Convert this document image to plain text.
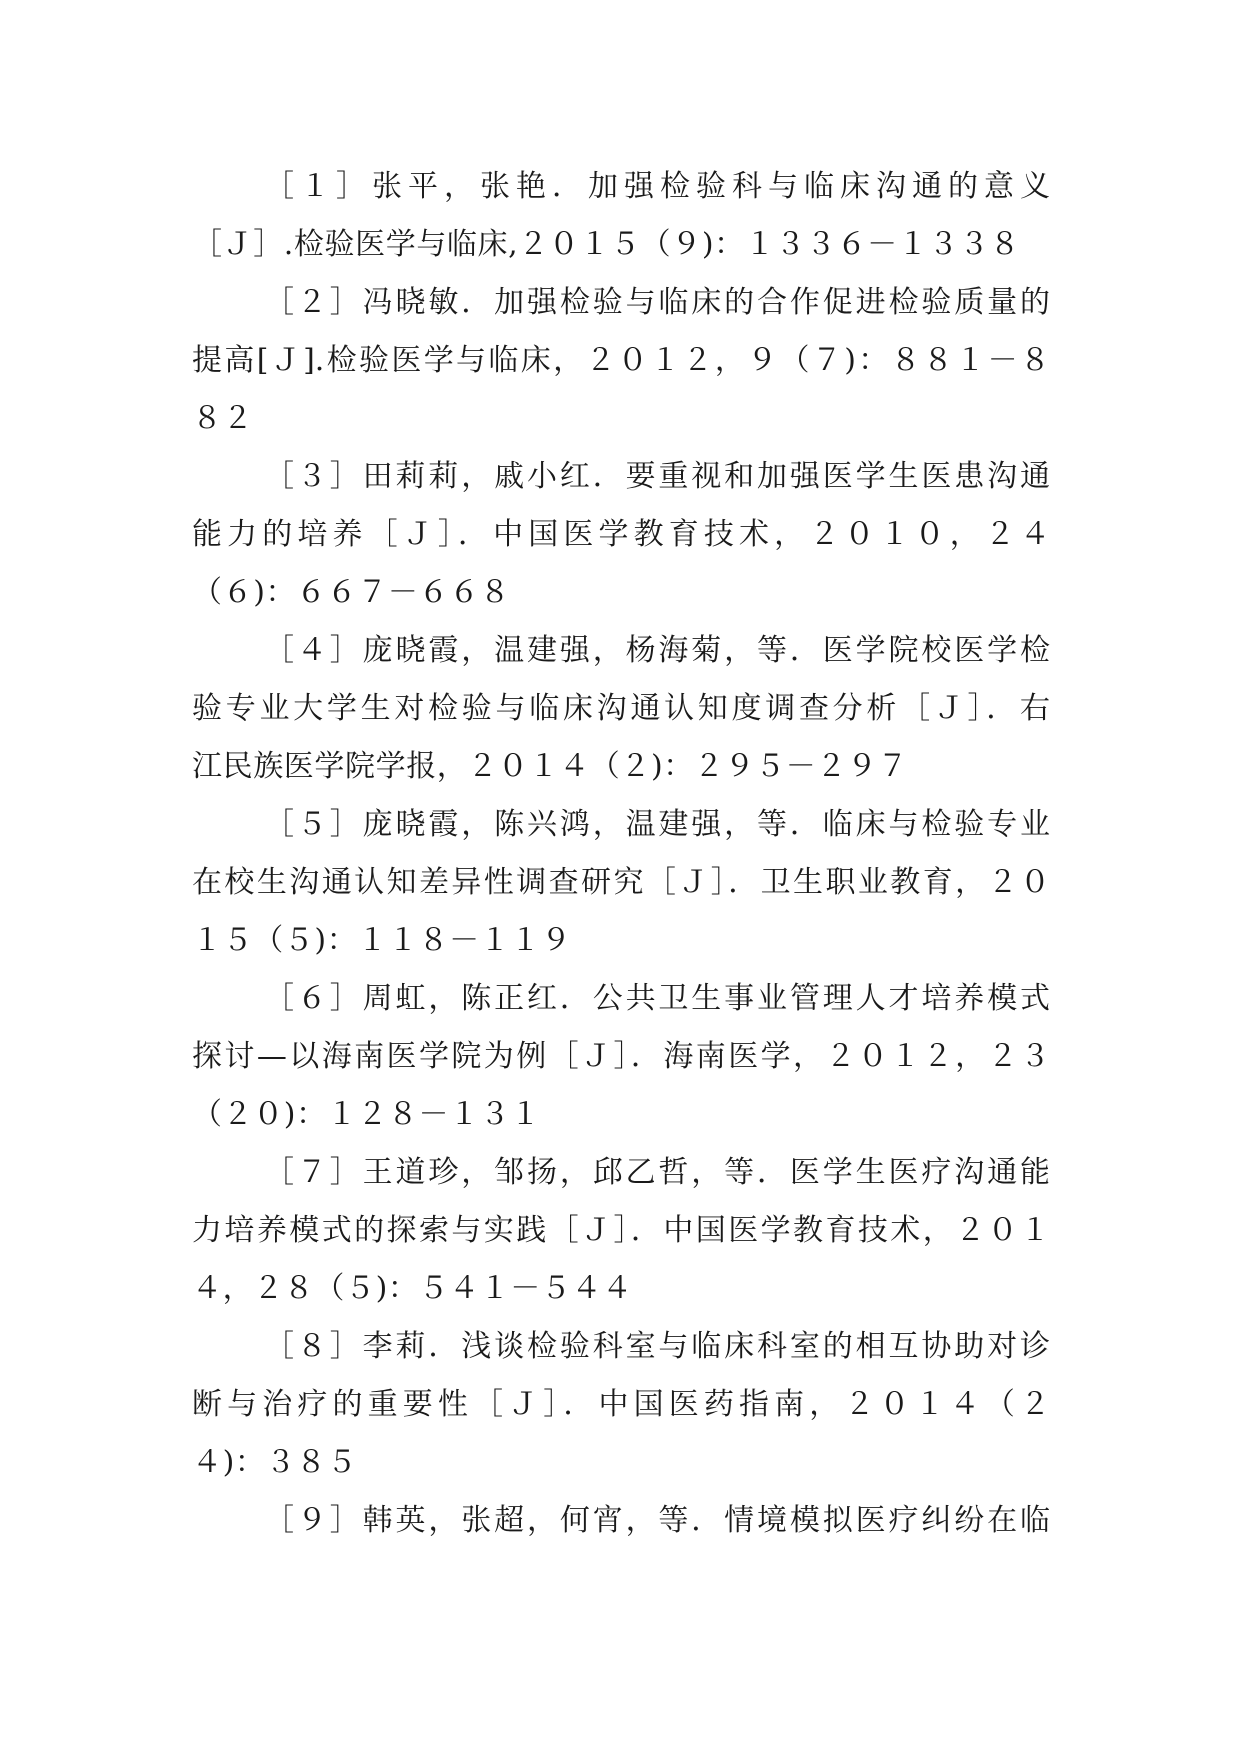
［１］张平，张艳．加强检验科与临床沟通的意义
［Ｊ］.检验医学与临床,２０１５（９)：１３３６－１３３８
［２］冯晓敏．加强检验与临床的合作促进检验质量的
提高[Ｊ].检验医学与临床，２０１２，９（７)：８８１－８
８２
［３］田莉莉，戚小红．要重视和加强医学生医患沟通
能力的培养［Ｊ］．中国医学教育技术，２０１０，２４
（６)：６６７－６６８
［４］庞晓霞，温建强，杨海菊，等．医学院校医学检
验专业大学生对检验与临床沟通认知度调查分析［Ｊ］．右
江民族医学院学报，２０１４（２)：２９５－２９７
［５］庞晓霞，陈兴鸿，温建强，等．临床与检验专业
在校生沟通认知差异性调查研究［Ｊ］．卫生职业教育，２０
１５（５)：１１８－１１９
［６］周虹，陈正红．公共卫生事业管理人才培养模式
探讨—以海南医学院为例［Ｊ］．海南医学，２０１２，２３
（２０)：１２８－１３１
［７］王道珍，邹扬，邱乙哲，等．医学生医疗沟通能
力培养模式的探索与实践［Ｊ］．中国医学教育技术，２０１
４，２８（５)：５４１－５４４
［８］李莉．浅谈检验科室与临床科室的相互协助对诊
断与治疗的重要性［Ｊ］．中国医药指南，２０１４（２
４)：３８５
［９］韩英，张超，何宵，等．情境模拟医疗纠纷在临
